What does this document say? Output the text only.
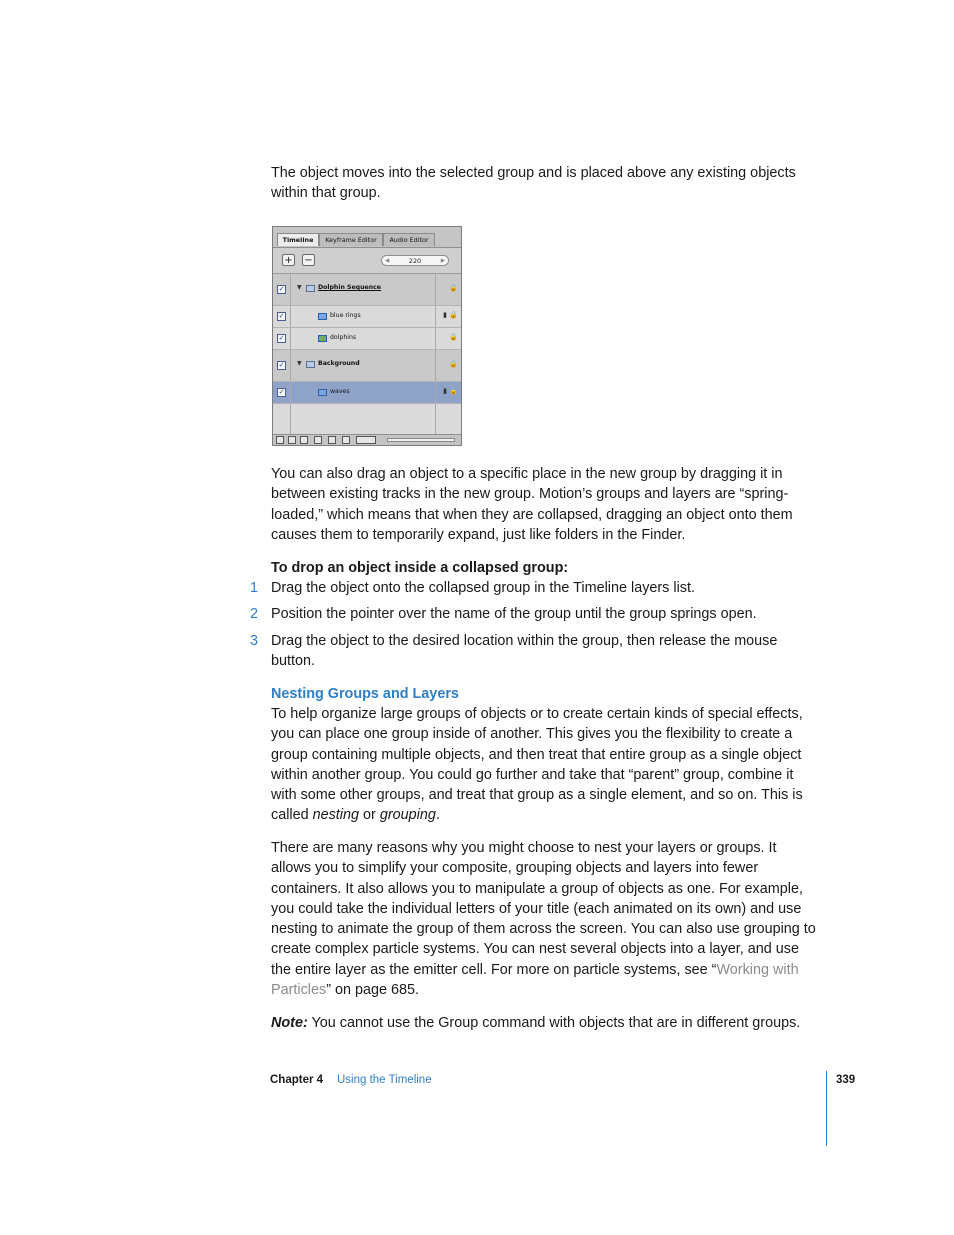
The object moves into the selected group and is placed above any existing objects within that group.

Timeline	Keyframe Editor	Audio Editor
+ −	◀	220	▶
✓ ▼	Dolphin Sequence	🔒
✓	blue rings	▮ 🔒
✓	dolphins	🔒
✓ ▼	Background	🔒
✓	waves	▮ 🔒

You can also drag an object to a specific place in the new group by dragging it in between existing tracks in the new group. Motion’s groups and layers are “spring-loaded,” which means that when they are collapsed, dragging an object onto them causes them to temporarily expand, just like folders in the Finder.

To drop an object inside a collapsed group:

1 Drag the object onto the collapsed group in the Timeline layers list.
2 Position the pointer over the name of the group until the group springs open.
3 Drag the object to the desired location within the group, then release the mouse button.

Nesting Groups and Layers

To help organize large groups of objects or to create certain kinds of special effects, you can place one group inside of another. This gives you the flexibility to create a group containing multiple objects, and then treat that entire group as a single object within another group. You could go further and take that “parent” group, combine it with some other groups, and treat that group as a single element, and so on. This is called nesting or grouping.

There are many reasons why you might choose to nest your layers or groups. It allows you to simplify your composite, grouping objects and layers into fewer containers. It also allows you to manipulate a group of objects as one. For example, you could take the individual letters of your title (each animated on its own) and use nesting to animate the group of them across the screen. You can also use grouping to create complex particle systems. You can nest several objects into a layer, and use the entire layer as the emitter cell. For more on particle systems, see “Working with Particles” on page 685.

Note: You cannot use the Group command with objects that are in different groups.

Chapter 4 Using the Timeline	339
